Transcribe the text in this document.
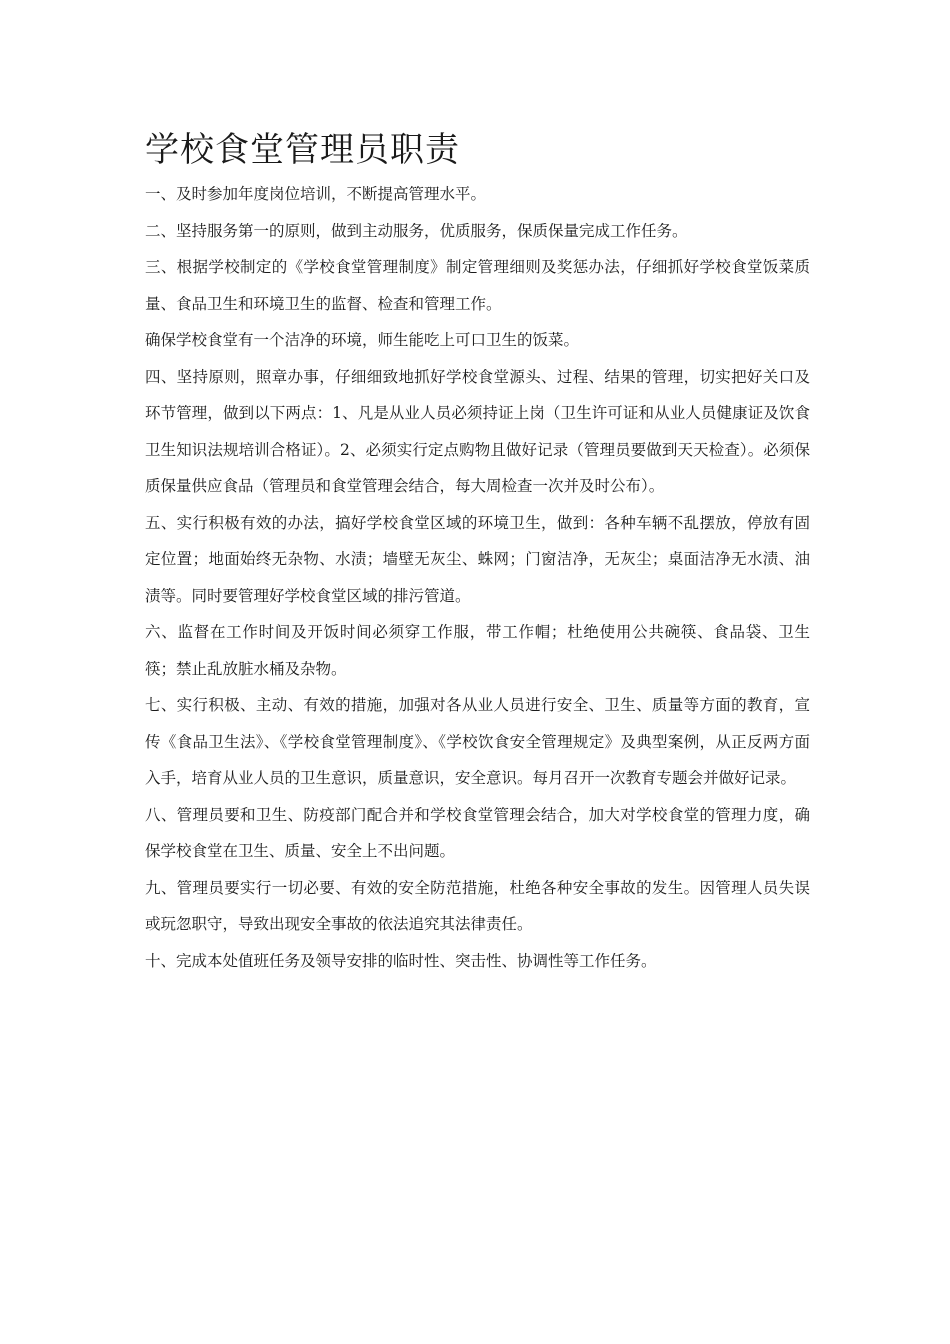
学校食堂管理员职责

一、及时参加年度岗位培训，不断提高管理水平。

二、坚持服务第一的原则，做到主动服务，优质服务，保质保量完成工作任务。

三、根据学校制定的《学校食堂管理制度》制定管理细则及奖惩办法，仔细抓好学校食堂饭菜质量、食品卫生和环境卫生的监督、检查和管理工作。

确保学校食堂有一个洁净的环境，师生能吃上可口卫生的饭菜。

四、坚持原则，照章办事，仔细细致地抓好学校食堂源头、过程、结果的管理，切实把好关口及环节管理，做到以下两点：1、凡是从业人员必须持证上岗（卫生许可证和从业人员健康证及饮食卫生知识法规培训合格证）。2、必须实行定点购物且做好记录（管理员要做到天天检查）。必须保质保量供应食品（管理员和食堂管理会结合，每大周检查一次并及时公布）。

五、实行积极有效的办法，搞好学校食堂区域的环境卫生，做到：各种车辆不乱摆放，停放有固定位置；地面始终无杂物、水渍；墙壁无灰尘、蛛网；门窗洁净，无灰尘；桌面洁净无水渍、油渍等。同时要管理好学校食堂区域的排污管道。

六、监督在工作时间及开饭时间必须穿工作服，带工作帽；杜绝使用公共碗筷、食品袋、卫生筷；禁止乱放脏水桶及杂物。

七、实行积极、主动、有效的措施，加强对各从业人员进行安全、卫生、质量等方面的教育，宣传《食品卫生法》、《学校食堂管理制度》、《学校饮食安全管理规定》及典型案例，从正反两方面入手，培育从业人员的卫生意识，质量意识，安全意识。每月召开一次教育专题会并做好记录。

八、管理员要和卫生、防疫部门配合并和学校食堂管理会结合，加大对学校食堂的管理力度，确保学校食堂在卫生、质量、安全上不出问题。

九、管理员要实行一切必要、有效的安全防范措施，杜绝各种安全事故的发生。因管理人员失误或玩忽职守，导致出现安全事故的依法追究其法律责任。

十、完成本处值班任务及领导安排的临时性、突击性、协调性等工作任务。
